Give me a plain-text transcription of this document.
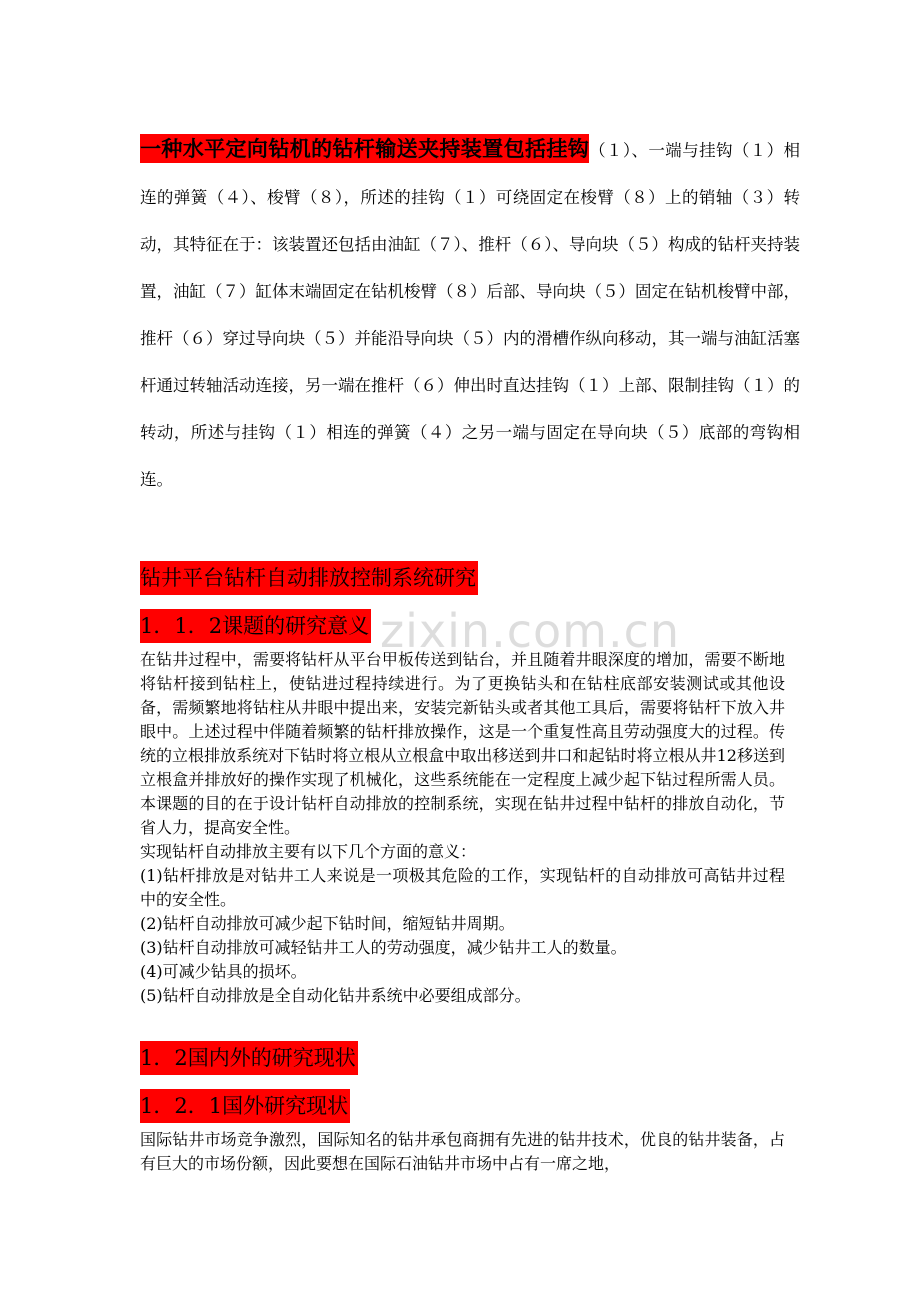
zixin.com.cn

一种水平定向钻机的钻杆输送夹持装置包括挂钩（１）、一端与挂钩（１）相连的弹簧（４）、梭臂（８），所述的挂钩（１）可绕固定在梭臂（８）上的销轴（３）转动，其特征在于：该装置还包括由油缸（７）、推杆（６）、导向块（５）构成的钻杆夹持装置，油缸（７）缸体末端固定在钻机梭臂（８）后部、导向块（５）固定在钻机梭臂中部，推杆（６）穿过导向块（５）并能沿导向块（５）内的滑槽作纵向移动，其一端与油缸活塞杆通过转轴活动连接，另一端在推杆（６）伸出时直达挂钩（１）上部、限制挂钩（１）的转动，所述与挂钩（１）相连的弹簧（４）之另一端与固定在导向块（５）底部的弯钩相连。

钻井平台钻杆自动排放控制系统研究
1．1．2课题的研究意义

在钻井过程中，需要将钻杆从平台甲板传送到钻台，并且随着井眼深度的增加，需要不断地将钻杆接到钻柱上，使钻进过程持续进行。为了更换钻头和在钻柱底部安装测试或其他设备，需频繁地将钻柱从井眼中提出来，安装完新钻头或者其他工具后，需要将钻杆下放入井眼中。上述过程中伴随着频繁的钻杆排放操作，这是一个重复性高且劳动强度大的过程。传统的立根排放系统对下钻时将立根从立根盒中取出移送到井口和起钻时将立根从井12移送到立根盒并排放好的操作实现了机械化，这些系统能在一定程度上减少起下钻过程所需人员。本课题的目的在于设计钻杆自动排放的控制系统，实现在钻井过程中钻杆的排放自动化，节省人力，提高安全性。

实现钻杆自动排放主要有以下几个方面的意义：

(1)钻杆排放是对钻井工人来说是一项极其危险的工作，实现钻杆的自动排放可高钻井过程中的安全性。

(2)钻杆自动排放可减少起下钻时间，缩短钻井周期。

(3)钻杆自动排放可减轻钻井工人的劳动强度，减少钻井工人的数量。

(4)可减少钻具的损坏。

(5)钻杆自动排放是全自动化钻井系统中必要组成部分。

1．2国内外的研究现状
1．2．1国外研究现状

国际钻井市场竞争激烈，国际知名的钻井承包商拥有先进的钻井技术，优良的钻井装备，占有巨大的市场份额，因此要想在国际石油钻井市场中占有一席之地，
